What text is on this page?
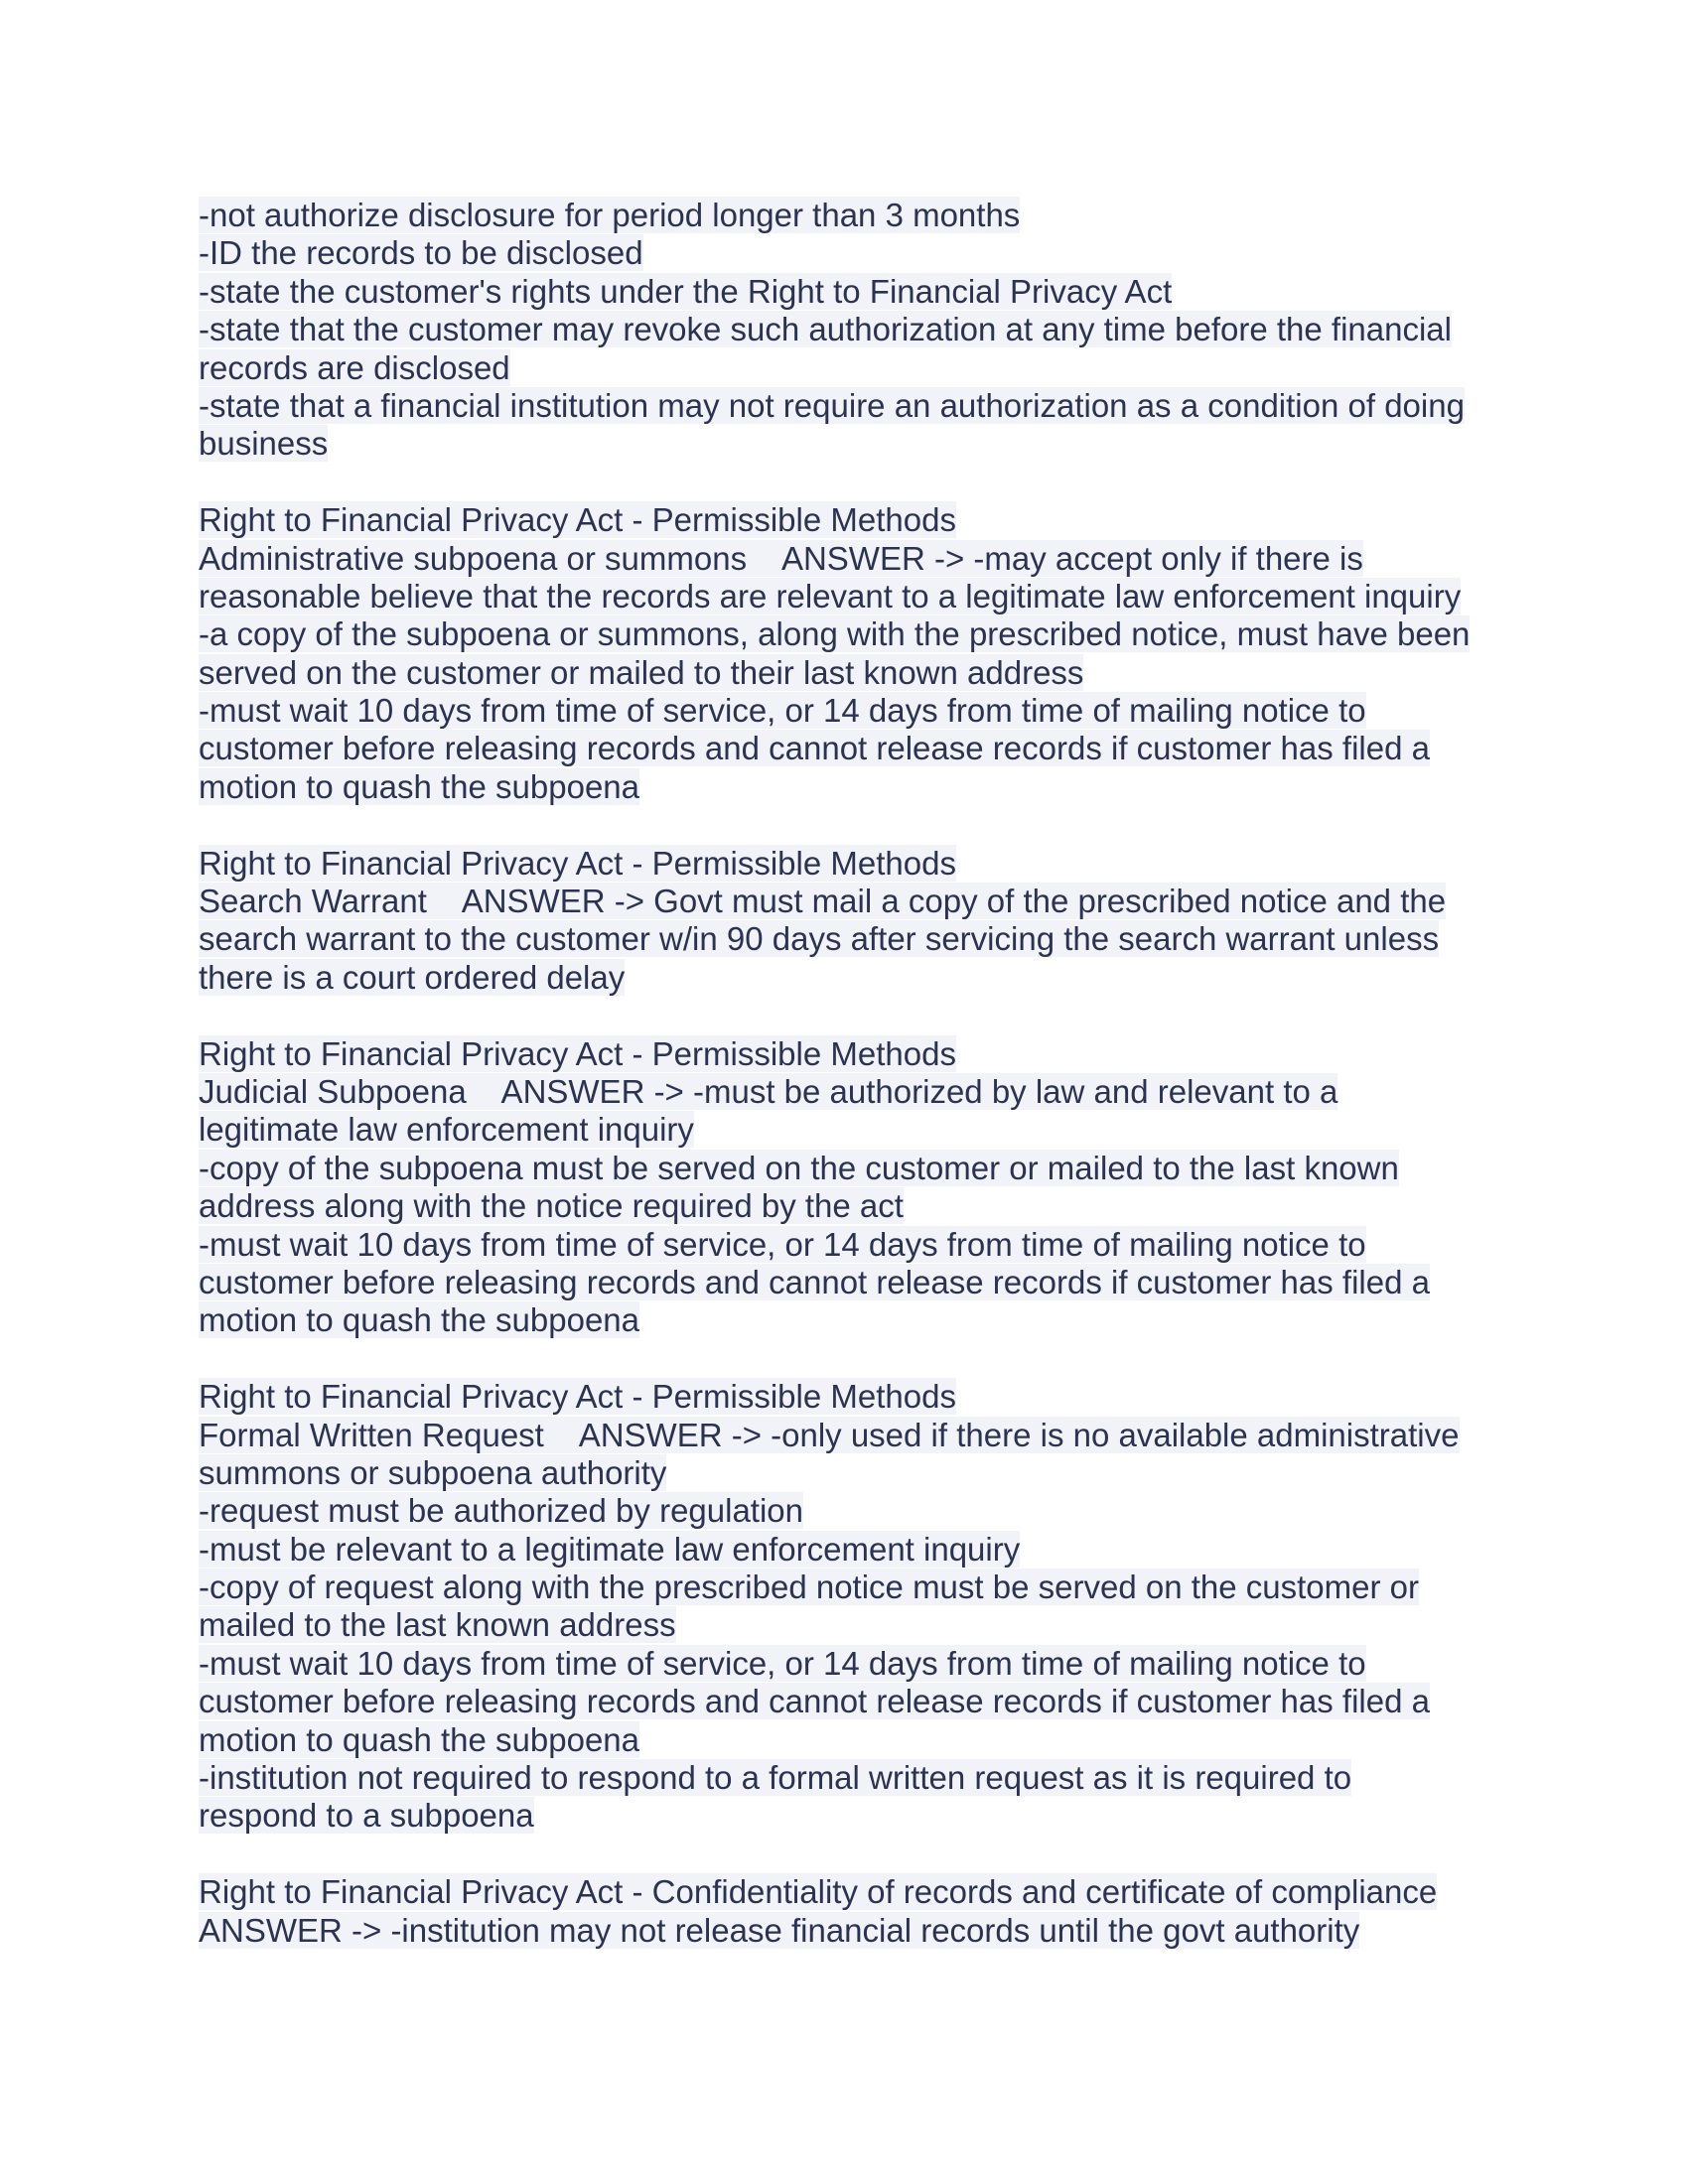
-not authorize disclosure for period longer than 3 months
-ID the records to be disclosed
-state the customer's rights under the Right to Financial Privacy Act
-state that the customer may revoke such authorization at any time before the financial
records are disclosed
-state that a financial institution may not require an authorization as a condition of doing
business
Right to Financial Privacy Act - Permissible Methods
Administrative subpoena or summons    ANSWER -> -may accept only if there is
reasonable believe that the records are relevant to a legitimate law enforcement inquiry
-a copy of the subpoena or summons, along with the prescribed notice, must have been
served on the customer or mailed to their last known address
-must wait 10 days from time of service, or 14 days from time of mailing notice to
customer before releasing records and cannot release records if customer has filed a
motion to quash the subpoena
Right to Financial Privacy Act - Permissible Methods
Search Warrant    ANSWER -> Govt must mail a copy of the prescribed notice and the
search warrant to the customer w/in 90 days after servicing the search warrant unless
there is a court ordered delay
Right to Financial Privacy Act - Permissible Methods
Judicial Subpoena    ANSWER -> -must be authorized by law and relevant to a
legitimate law enforcement inquiry
-copy of the subpoena must be served on the customer or mailed to the last known
address along with the notice required by the act
-must wait 10 days from time of service, or 14 days from time of mailing notice to
customer before releasing records and cannot release records if customer has filed a
motion to quash the subpoena
Right to Financial Privacy Act - Permissible Methods
Formal Written Request    ANSWER -> -only used if there is no available administrative
summons or subpoena authority
-request must be authorized by regulation
-must be relevant to a legitimate law enforcement inquiry
-copy of request along with the prescribed notice must be served on the customer or
mailed to the last known address
-must wait 10 days from time of service, or 14 days from time of mailing notice to
customer before releasing records and cannot release records if customer has filed a
motion to quash the subpoena
-institution not required to respond to a formal written request as it is required to
respond to a subpoena
Right to Financial Privacy Act - Confidentiality of records and certificate of compliance
ANSWER -> -institution may not release financial records until the govt authority
